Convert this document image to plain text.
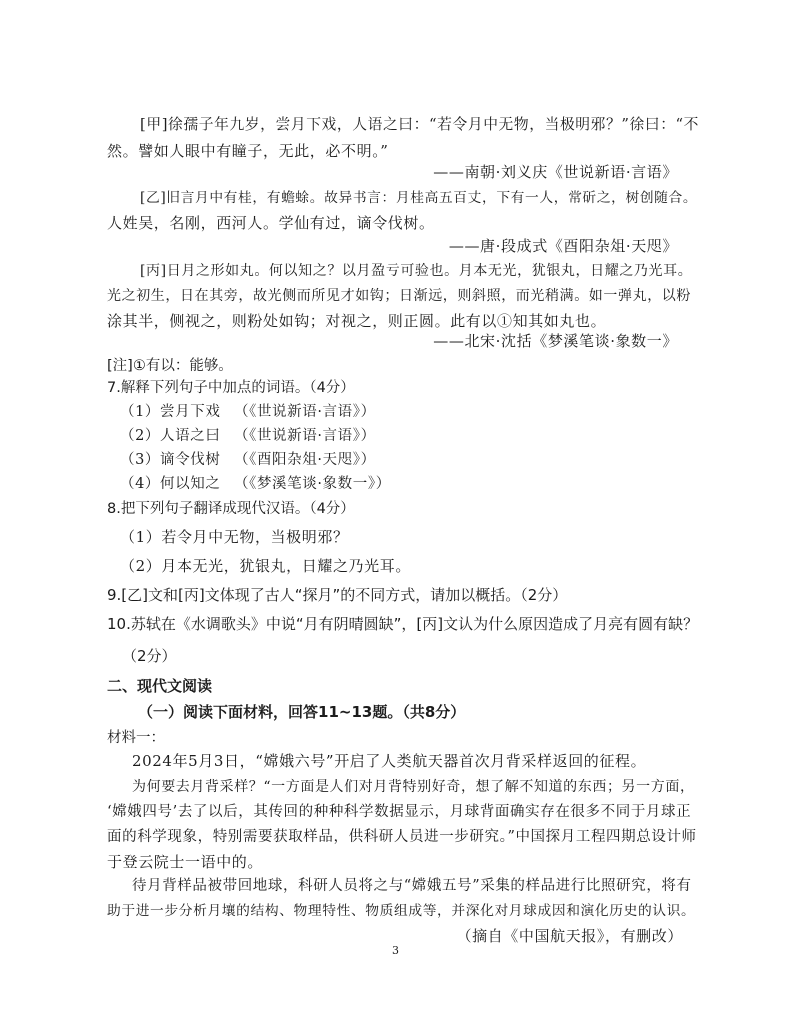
[甲]徐孺子年九岁，尝月下戏，人语之曰：“若令月中无物，当极明邪？”徐曰：“不
然。譬如人眼中有瞳子，无此，必不明。”
——南朝·刘义庆《世说新语·言语》
[乙]旧言月中有桂，有蟾蜍。故异书言：月桂高五百丈，下有一人，常斫之，树创随合。
人姓吴，名刚，西河人。学仙有过，谪令伐树。
——唐·段成式《酉阳杂俎·天咫》
[丙]日月之形如丸。何以知之？以月盈亏可验也。月本无光，犹银丸，日耀之乃光耳。
光之初生，日在其旁，故光侧而所见才如钩；日渐远，则斜照，而光稍满。如一弹丸，以粉
涂其半，侧视之，则粉处如钩；对视之，则正圆。此有以①知其如丸也。
——北宋·沈括《梦溪笔谈·象数一》
[注]①有以：能够。
7.解释下列句子中加点的词语。（4分）
（1）尝月下戏 （《世说新语·言语》）
（2）人语之曰 （《世说新语·言语》）
（3）谪令伐树 （《酉阳杂俎·天咫》）
（4）何以知之 （《梦溪笔谈·象数一》）
8.把下列句子翻译成现代汉语。（4分）
（1）若令月中无物，当极明邪？
（2）月本无光，犹银丸，日耀之乃光耳。
9.[乙]文和[丙]文体现了古人“探月”的不同方式，请加以概括。（2分）
10.苏轼在《水调歌头》中说“月有阴晴圆缺”，[丙]文认为什么原因造成了月亮有圆有缺？
（2分）
二、现代文阅读
（一）阅读下面材料，回答11~13题。（共8分）
材料一：
2024年5月3日，“嫦娥六号”开启了人类航天器首次月背采样返回的征程。
为何要去月背采样？“一方面是人们对月背特别好奇，想了解不知道的东西；另一方面，
‘嫦娥四号’去了以后，其传回的种种科学数据显示，月球背面确实存在很多不同于月球正
面的科学现象，特别需要获取样品，供科研人员进一步研究。”中国探月工程四期总设计师
于登云院士一语中的。
待月背样品被带回地球，科研人员将之与“嫦娥五号”采集的样品进行比照研究，将有
助于进一步分析月壤的结构、物理特性、物质组成等，并深化对月球成因和演化历史的认识。
（摘自《中国航天报》，有删改）
3
